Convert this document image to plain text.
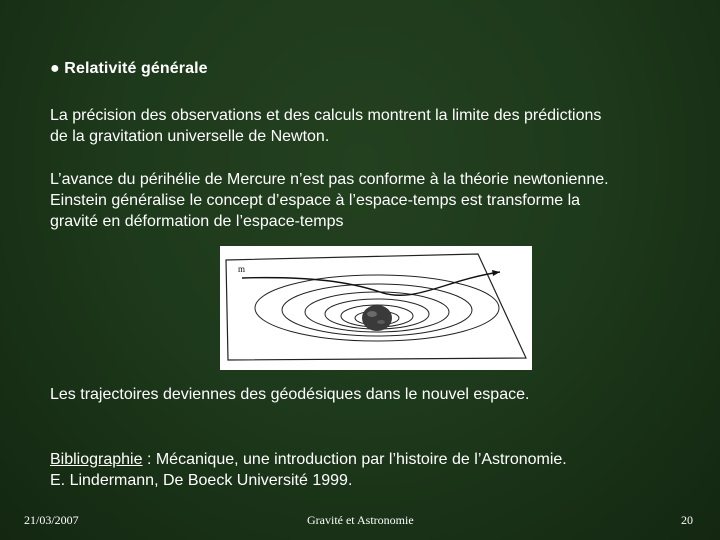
● Relativité générale

La précision des observations et des calculs montrent la limite des prédictions
de la gravitation universelle de Newton.

L’avance du périhélie de Mercure n’est pas conforme à la théorie newtonienne.
Einstein généralise le concept d’espace à l’espace-temps est transforme la
gravité en déformation de l’espace-temps

m

Les trajectoires deviennes des géodésiques dans le nouvel espace.

Bibliographie : Mécanique, une introduction par l’histoire de l’Astronomie.
E. Lindermann, De Boeck Université 1999.

21/03/2007	Gravité et Astronomie	20
